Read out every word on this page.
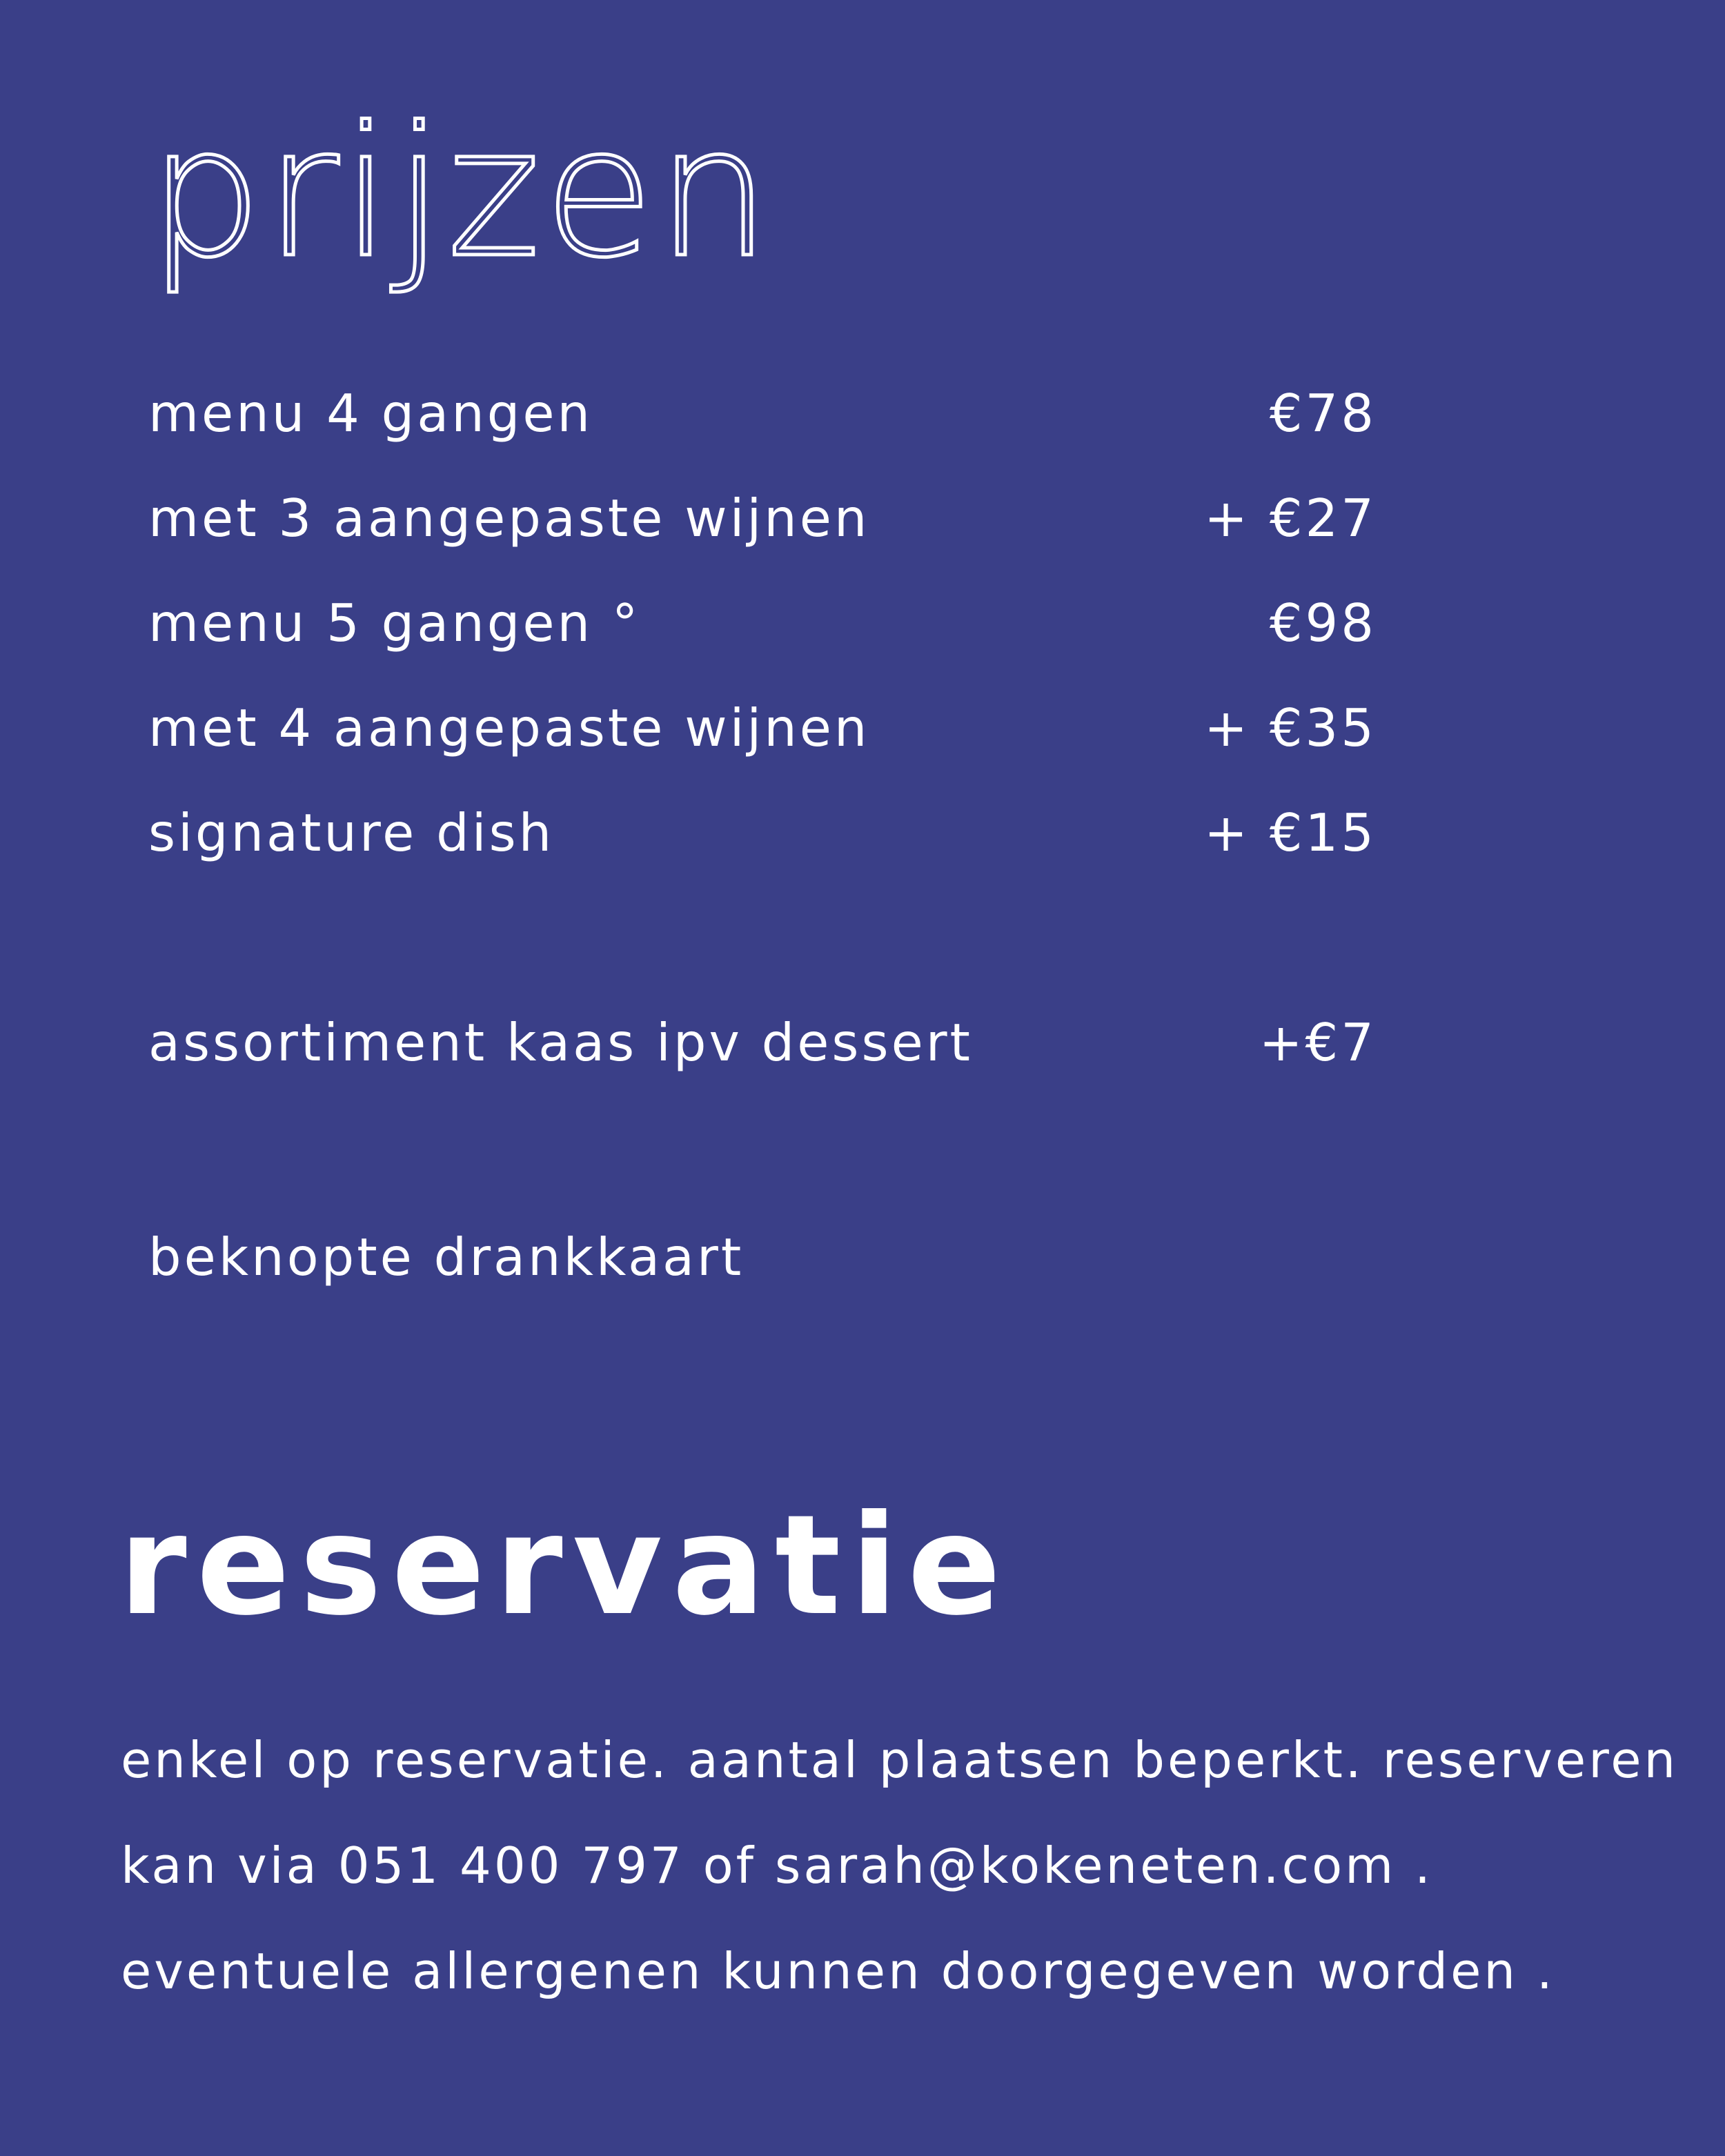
prijzen
menu 4 gangen	€78
met 3 aangepaste wijnen	+ €27
menu 5 gangen °	€98
met 4 aangepaste wijnen	+ €35
signature dish	+ €15
assortiment kaas ipv dessert	+€7
beknopte drankkaart
reservatie
enkel op reservatie. aantal plaatsen beperkt. reserveren
kan via 051 400 797 of sarah@kokeneten.com .
eventuele allergenen kunnen doorgegeven worden .
